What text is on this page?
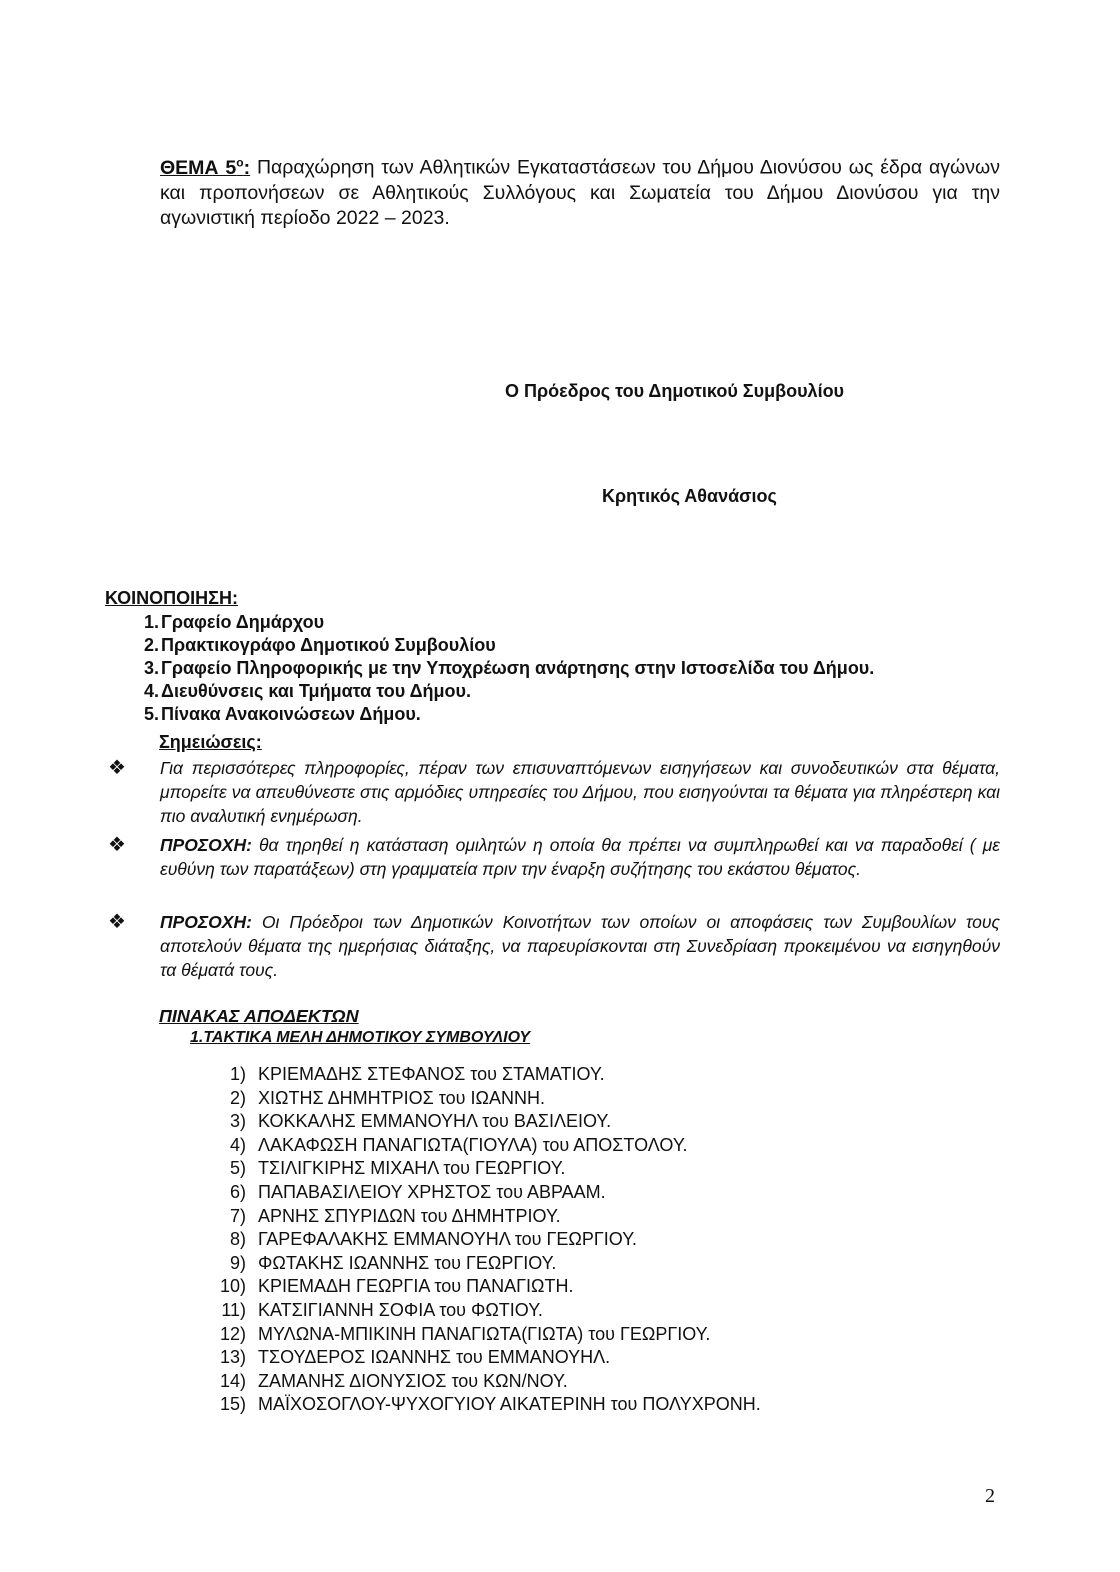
ΘΕΜΑ $5^o$: Παραχώρηση των Αθλητικών Εγκαταστάσεων του Δήμου Διονύσου ως έδρα αγώνων και προπονήσεων σε Αθλητικούς Συλλόγους και Σωματεία του Δήμου Διονύσου για την αγωνιστική περίοδο 2022 – 2023.
Ο Πρόεδρος του Δημοτικού Συμβουλίου
Κρητικός Αθανάσιος
ΚΟΙΝΟΠΟΙΗΣΗ:
1. Γραφείο Δημάρχου
2. Πρακτικογράφο Δημοτικού Συμβουλίου
3. Γραφείο Πληροφορικής με την Υποχρέωση ανάρτησης στην Ιστοσελίδα του Δήμου.
4. Διευθύνσεις και Τμήματα του Δήμου.
5. Πίνακα Ανακοινώσεων Δήμου.
Σημειώσεις:
❖ Για περισσότερες πληροφορίες, πέραν των επισυναπτόμενων εισηγήσεων και συνοδευτικών στα θέματα, μπορείτε να απευθύνεστε στις αρμόδιες υπηρεσίες του Δήμου, που εισηγούνται τα θέματα για πληρέστερη και πιο αναλυτική ενημέρωση.
❖ ΠΡΟΣΟΧΗ: θα τηρηθεί η κατάσταση ομιλητών η οποία θα πρέπει να συμπληρωθεί και να παραδοθεί ( με ευθύνη των παρατάξεων) στη γραμματεία πριν την έναρξη συζήτησης του εκάστου θέματος.
❖ ΠΡΟΣΟΧΗ: Οι Πρόεδροι των Δημοτικών Κοινοτήτων των οποίων οι αποφάσεις των Συμβουλίων τους αποτελούν θέματα της ημερήσιας διάταξης, να παρευρίσκονται στη Συνεδρίαση προκειμένου να εισηγηθούν τα θέματά τους.
ΠΙΝΑΚΑΣ ΑΠΟΔΕΚΤΩΝ
1.ΤΑΚΤΙΚΑ ΜΕΛΗ ΔΗΜΟΤΙΚΟΥ ΣΥΜΒΟΥΛΙΟΥ
1) ΚΡΙΕΜΑΔΗΣ ΣΤΕΦΑΝΟΣ του ΣΤΑΜΑΤΙΟΥ.
2) ΧΙΩΤΗΣ ΔΗΜΗΤΡΙΟΣ του ΙΩΑΝΝΗ.
3) ΚΟΚΚΑΛΗΣ ΕΜΜΑΝΟΥΗΛ του ΒΑΣΙΛΕΙΟΥ.
4) ΛΑΚΑΦΩΣΗ ΠΑΝΑΓΙΩΤΑ(ΓΙΟΥΛΑ) του ΑΠΟΣΤΟΛΟΥ.
5) ΤΣΙΛΙΓΚΙΡΗΣ ΜΙΧΑΗΛ του ΓΕΩΡΓΙΟΥ.
6) ΠΑΠΑΒΑΣΙΛΕΙΟΥ ΧΡΗΣΤΟΣ του ΑΒΡΑΑΜ.
7) ΑΡΝΗΣ ΣΠΥΡΙΔΩΝ του ΔΗΜΗΤΡΙΟΥ.
8) ΓΑΡΕΦΑΛΑΚΗΣ ΕΜΜΑΝΟΥΗΛ του ΓΕΩΡΓΙΟΥ.
9) ΦΩΤΑΚΗΣ ΙΩΑΝΝΗΣ του ΓΕΩΡΓΙΟΥ.
10) ΚΡΙΕΜΑΔΗ ΓΕΩΡΓΙΑ του ΠΑΝΑΓΙΩΤΗ.
11) ΚΑΤΣΙΓΙΑΝΝΗ ΣΟΦΙΑ του ΦΩΤΙΟΥ.
12) ΜΥΛΩΝΑ-ΜΠΙΚΙΝΗ ΠΑΝΑΓΙΩΤΑ(ΓΙΩΤΑ) του ΓΕΩΡΓΙΟΥ.
13) ΤΣΟΥΔΕΡΟΣ ΙΩΑΝΝΗΣ του ΕΜΜΑΝΟΥΗΛ.
14) ΖΑΜΑΝΗΣ ΔΙΟΝΥΣΙΟΣ του ΚΩΝ/ΝΟΥ.
15) ΜΑΪΧΟΣΟΓΛΟΥ-ΨΥΧΟΓΥΙΟΥ ΑΙΚΑΤΕΡΙΝΗ του ΠΟΛΥΧΡΟΝΗ.
2
